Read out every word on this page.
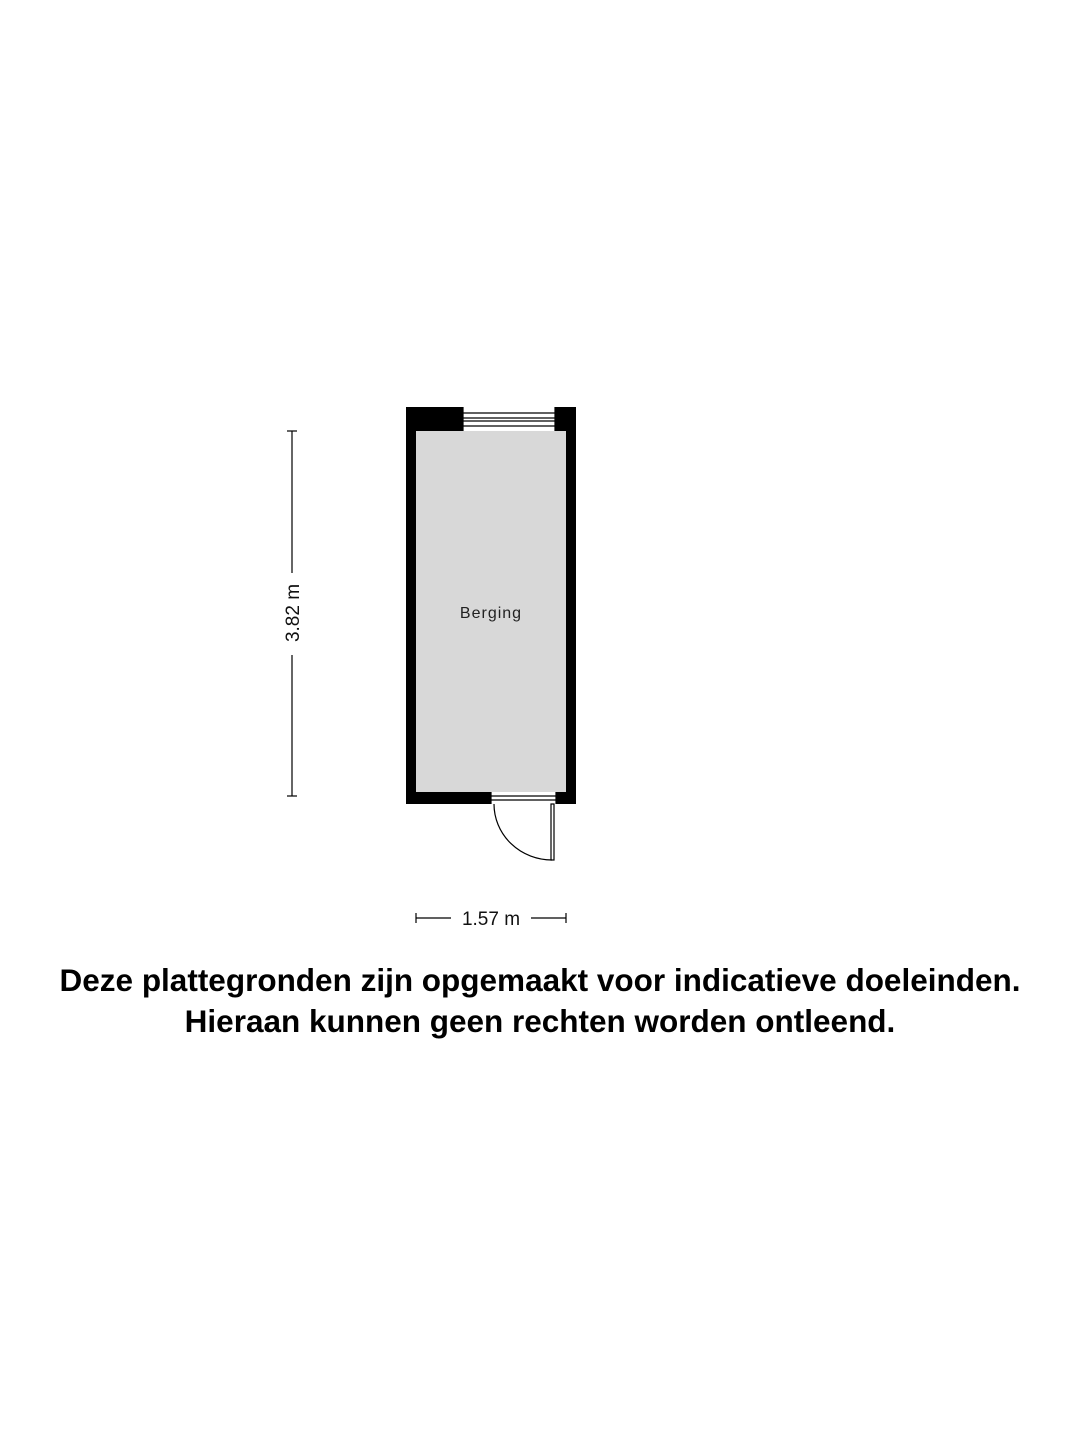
Berging
3.82 m
1.57 m
Deze plattegronden zijn opgemaakt voor indicatieve doeleinden.
Hieraan kunnen geen rechten worden ontleend.
